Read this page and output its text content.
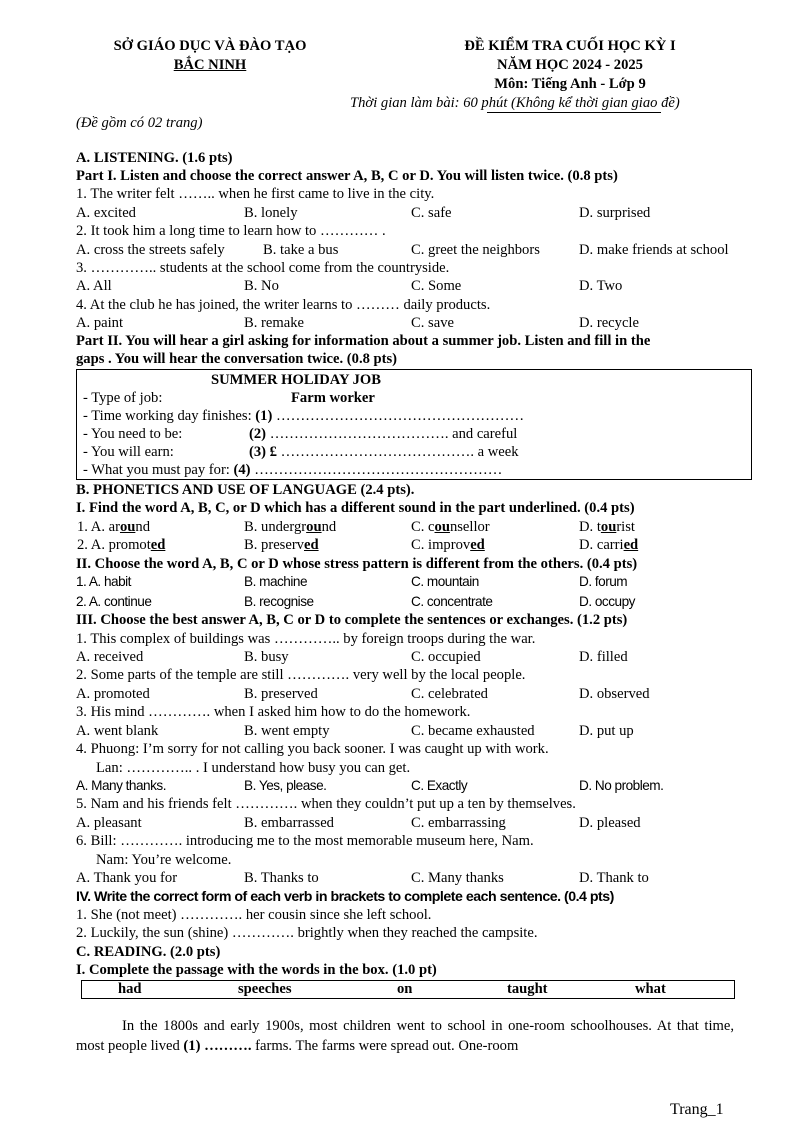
SỞ GIÁO DỤC VÀ ĐÀO TẠO
BẮC NINH
ĐỀ KIỂM TRA CUỐI HỌC KỲ I
NĂM HỌC 2024 - 2025
Môn: Tiếng Anh - Lớp 9
Thời gian làm bài: 60 phút (Không kể thời gian giao đề)
(Đề gồm có 02 trang)
A. LISTENING. (1.6 pts)
Part I. Listen and choose the correct answer A, B, C or D. You will listen twice. (0.8 pts)
1. The writer felt …….. when he first came to live in the city.
A. excited	B. lonely	C. safe	D. surprised
2. It took him a long time to learn how to ………… .
A. cross the streets safely	B. take a bus	C. greet the neighbors	D. make friends at school
3. ………….. students at the school come from the countryside.
A. All	B. No	C. Some	D. Two
4. At the club he has joined, the writer learns to ……… daily products.
A. paint	B. remake	C. save	D. recycle
Part II. You will hear a girl asking for information about a summer job. Listen and fill in the
gaps . You will hear the conversation twice. (0.8 pts)
SUMMER HOLIDAY JOB
- Type of job:	Farm worker
- Time working day finishes: (1) ……………………………………………
- You need to be:	(2) ………………………………. and careful
- You will earn:	(3) £ …………………………………. a week
- What you must pay for: (4) ……………………………………………
B. PHONETICS AND USE OF LANGUAGE (2.4 pts).
I. Find the word A, B, C, or D which has a different sound in the part underlined. (0.4 pts)
1. A. around	B. underground	C. counsellor	D. tourist
2. A. promoted	B. preserved	C. improved	D. carried
II. Choose the word A, B, C or D whose stress pattern is different from the others. (0.4 pts)
1. A. habit	B. machine	C. mountain	D. forum
2. A. continue	B. recognise	C. concentrate	D. occupy
III. Choose the best answer A, B, C or D to complete the sentences or exchanges. (1.2 pts)
1. This complex of buildings was ………….. by foreign troops during the war.
A. received	B. busy	C. occupied	D. filled
2. Some parts of the temple are still …………. very well by the local people.
A. promoted	B. preserved	C. celebrated	D. observed
3. His mind …………. when I asked him how to do the homework.
A. went blank	B. went empty	C. became exhausted	D. put up
4. Phuong: I’m sorry for not calling you back sooner. I was caught up with work.
Lan: ………….. . I understand how busy you can get.
A. Many thanks.	B. Yes, please.	C. Exactly	D. No problem.
5. Nam and his friends felt …………. when they couldn’t put up a ten by themselves.
A. pleasant	B. embarrassed	C. embarrassing	D. pleased
6. Bill: …………. introducing me to the most memorable museum here, Nam.
Nam: You’re welcome.
A. Thank you for	B. Thanks to	C. Many thanks	D. Thank to
IV. Write the correct form of each verb in brackets to complete each sentence. (0.4 pts)
1. She (not meet) …………. her cousin since she left school.
2. Luckily, the sun (shine) …………. brightly when they reached the campsite.
C. READING. (2.0 pts)
I. Complete the passage with the words in the box. (1.0 pt)
had	speeches	on	taught	what
In the 1800s and early 1900s, most children went to school in one-room schoolhouses. At that time, most people lived (1) ………. farms. The farms were spread out. One-room
Trang_1
